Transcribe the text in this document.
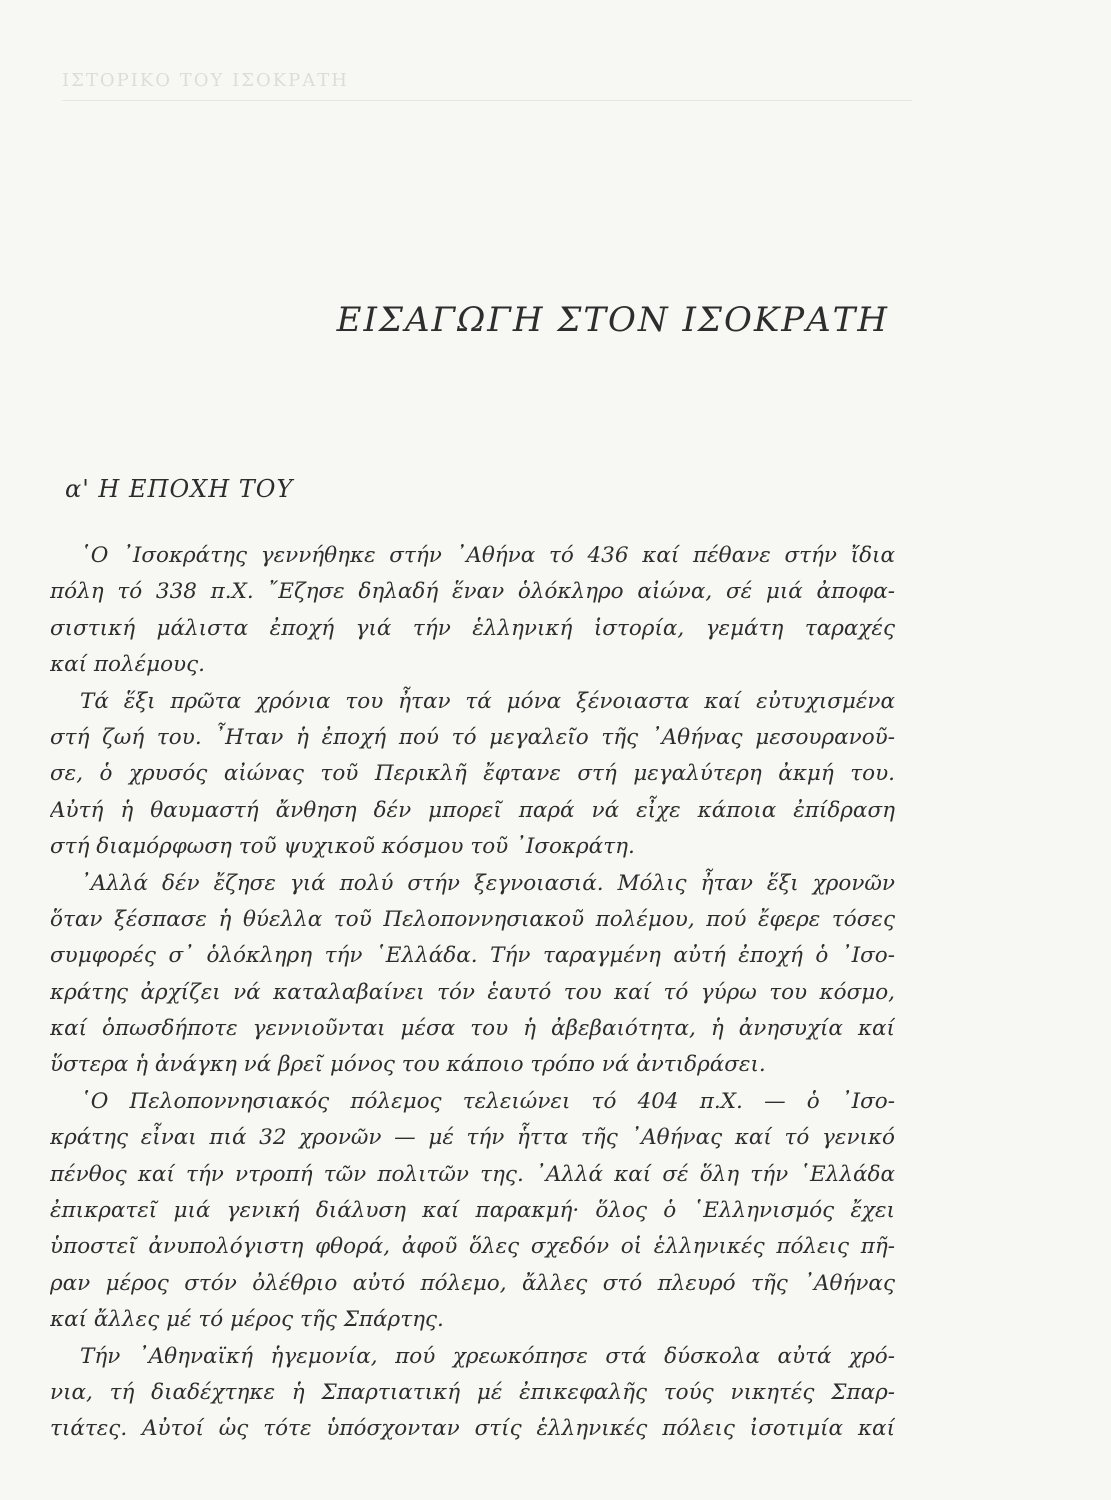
ΙΣΤΟΡΙΚΟ ΤΟΥ ΙΣΟΚΡΑΤΗ
ΕΙΣΑΓΩΓΗ ΣΤΟΝ ΙΣΟΚΡΑΤΗ
α' Η ΕΠΟΧΗ ΤΟΥ
῾Ο ᾿Ισοκράτης γεννήθηκε στήν ᾿Αθήνα τό 436 καί πέθανε στήν ἴδια
πόλη τό 338 π.Χ. ῎Εζησε δηλαδή ἕναν ὁλόκληρο αἰώνα, σέ μιά ἀποφα-
σιστική μάλιστα ἐποχή γιά τήν ἑλληνική ἱστορία, γεμάτη ταραχές
καί πολέμους.
Τά ἕξι πρῶτα χρόνια του ἦταν τά μόνα ξένοιαστα καί εὐτυχισμένα
στή ζωή του. ῏Ηταν ἡ ἐποχή πού τό μεγαλεῖο τῆς ᾿Αθήνας μεσουρανοῦ-
σε, ὁ χρυσός αἰώνας τοῦ Περικλῆ ἔφτανε στή μεγαλύτερη ἀκμή του.
Αὐτή ἡ θαυμαστή ἄνθηση δέν μπορεῖ παρά νά εἶχε κάποια ἐπίδραση
στή διαμόρφωση τοῦ ψυχικοῦ κόσμου τοῦ ᾿Ισοκράτη.
᾿Αλλά δέν ἔζησε γιά πολύ στήν ξεγνοιασιά. Μόλις ἦταν ἕξι χρονῶν
ὅταν ξέσπασε ἡ θύελλα τοῦ Πελοποννησιακοῦ πολέμου, πού ἔφερε τόσες
συμφορές σ᾿ ὁλόκληρη τήν ῾Ελλάδα. Τήν ταραγμένη αὐτή ἐποχή ὁ ᾿Ισο-
κράτης ἀρχίζει νά καταλαβαίνει τόν ἑαυτό του καί τό γύρω του κόσμο,
καί ὁπωσδήποτε γεννιοῦνται μέσα του ἡ ἀβεβαιότητα, ἡ ἀνησυχία καί
ὕστερα ἡ ἀνάγκη νά βρεῖ μόνος του κάποιο τρόπο νά ἀντιδράσει.
῾Ο Πελοποννησιακός πόλεμος τελειώνει τό 404 π.Χ. — ὁ ᾿Ισο-
κράτης εἶναι πιά 32 χρονῶν — μέ τήν ἧττα τῆς ᾿Αθήνας καί τό γενικό
πένθος καί τήν ντροπή τῶν πολιτῶν της. ᾿Αλλά καί σέ ὅλη τήν ῾Ελλάδα
ἐπικρατεῖ μιά γενική διάλυση καί παρακμή· ὅλος ὁ ῾Ελληνισμός ἔχει
ὑποστεῖ ἀνυπολόγιστη φθορά, ἀφοῦ ὅλες σχεδόν οἱ ἑλληνικές πόλεις πῆ-
ραν μέρος στόν ὀλέθριο αὐτό πόλεμο, ἄλλες στό πλευρό τῆς ᾿Αθήνας
καί ἄλλες μέ τό μέρος τῆς Σπάρτης.
Τήν ᾿Αθηναϊκή ἡγεμονία, πού χρεωκόπησε στά δύσκολα αὐτά χρό-
νια, τή διαδέχτηκε ἡ Σπαρτιατική μέ ἐπικεφαλῆς τούς νικητές Σπαρ-
τιάτες. Αὐτοί ὡς τότε ὑπόσχονταν στίς ἑλληνικές πόλεις ἰσοτιμία καί
